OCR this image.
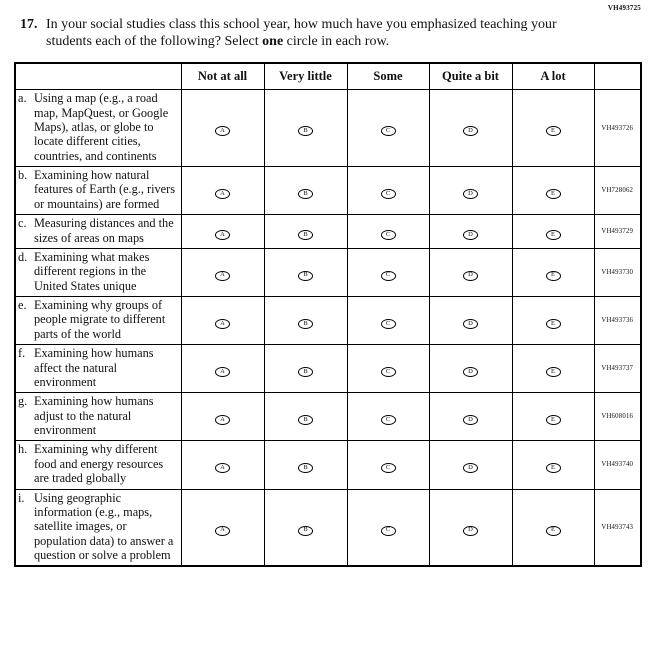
VH493725
17. In your social studies class this school year, how much have you emphasized teaching your students each of the following? Select one circle in each row.
	Not at all	Very little	Some	Quite a bit	A lot	

a. Using a map (e.g., a road map, MapQuest, or Google Maps), atlas, or globe to locate different cities, countries, and continents	A	B	C	D	E	VH493726

b. Examining how natural features of Earth (e.g., rivers or mountains) are formed	A	B	C	D	E	VH728062

c. Measuring distances and the sizes of areas on maps	A	B	C	D	E	VH493729

d. Examining what makes different regions in the United States unique	A	B	C	D	E	VH493730

e. Examining why groups of people migrate to different parts of the world	A	B	C	D	E	VH493736

f. Examining how humans affect the natural environment	A	B	C	D	E	VH493737

g. Examining how humans adjust to the natural environment	A	B	C	D	E	VH608016

h. Examining why different food and energy resources are traded globally	A	B	C	D	E	VH493740

i. Using geographic information (e.g., maps, satellite images, or population data) to answer a question or solve a problem	A	B	C	D	E	VH493743
